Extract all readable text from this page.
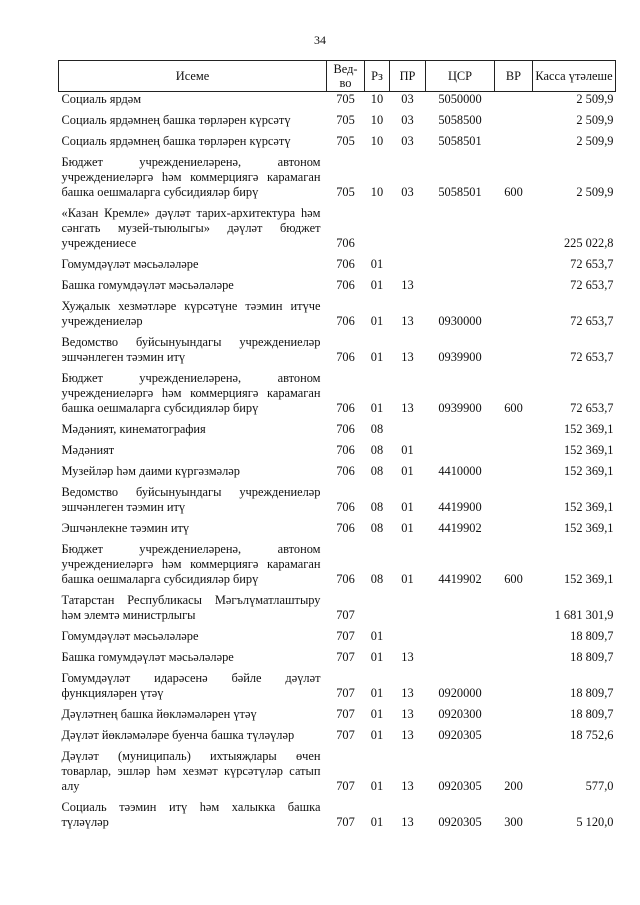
34
Исеме	Вед-во	Рз	ПР	ЦСР	ВР	Касса үтәлеше
Социаль ярдәм	705	10	03	5050000		2 509,9
Социаль ярдәмнең башка төрләрен күрсәтү	705	10	03	5058500		2 509,9
Социаль ярдәмнең башка төрләрен күрсәтү	705	10	03	5058501		2 509,9
Бюджет учреждениеләренә, автоном учреждениеләргә һәм коммерциягә карамаган башка оешмаларга субсидияләр бирү	705	10	03	5058501	600	2 509,9
«Казан Кремле» дәүләт тарих-архитектура һәм сәнгать музей-тыюлыгы» дәүләт бюджет учреждениесе	706					225 022,8
Гомумдәүләт мәсьәләләре	706	01				72 653,7
Башка гомумдәүләт мәсьәләләре	706	01	13			72 653,7
Хуҗалык хезмәтләре күрсәтүне тәэмин итүче учреждениеләр	706	01	13	0930000		72 653,7
Ведомство буйсынуындагы учреждениеләр эшчәнлеген тәэмин итү	706	01	13	0939900		72 653,7
Бюджет учреждениеләренә, автоном учреждениеләргә һәм коммерциягә карамаган башка оешмаларга субсидияләр бирү	706	01	13	0939900	600	72 653,7
Мәдәният, кинематография	706	08				152 369,1
Мәдәният	706	08	01			152 369,1
Музейләр һәм даими күргәзмәләр	706	08	01	4410000		152 369,1
Ведомство буйсынуындагы учреждениеләр эшчәнлеген тәэмин итү	706	08	01	4419900		152 369,1
Эшчәнлекне тәэмин итү	706	08	01	4419902		152 369,1
Бюджет учреждениеләренә, автоном учреждениеләргә һәм коммерциягә карамаган башка оешмаларга субсидияләр бирү	706	08	01	4419902	600	152 369,1
Татарстан Республикасы Мәгълүматлаштыру һәм элемтә министрлыгы	707					1 681 301,9
Гомумдәүләт мәсьәләләре	707	01				18 809,7
Башка гомумдәүләт мәсьәләләре	707	01	13			18 809,7
Гомумдәүләт идарәсенә бәйле дәүләт функцияләрен үтәү	707	01	13	0920000		18 809,7
Дәүләтнең башка йөкләмәләрен үтәү	707	01	13	0920300		18 809,7
Дәүләт йөкләмәләре буенча башка түләүләр	707	01	13	0920305		18 752,6
Дәүләт (муниципаль) ихтыяҗлары өчен товарлар, эшләр һәм хезмәт күрсәтүләр сатып алу	707	01	13	0920305	200	577,0
Социаль тәэмин итү һәм халыкка башка түләүләр	707	01	13	0920305	300	5 120,0
